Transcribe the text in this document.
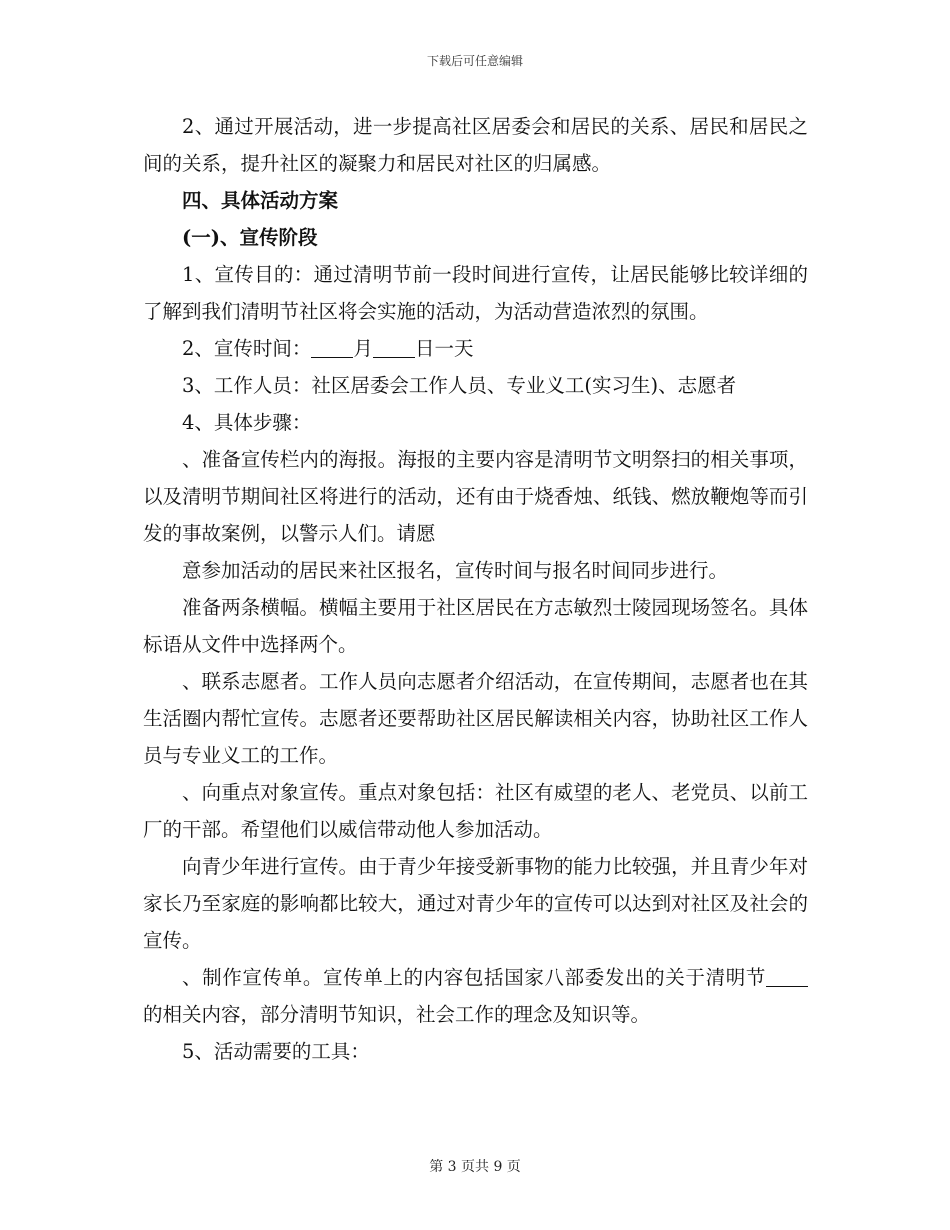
下载后可任意编辑

2、通过开展活动，进一步提高社区居委会和居民的关系、居民和居民之间的关系，提升社区的凝聚力和居民对社区的归属感。

四、具体活动方案

(一)、宣传阶段

1、宣传目的：通过清明节前一段时间进行宣传，让居民能够比较详细的了解到我们清明节社区将会实施的活动，为活动营造浓烈的氛围。

2、宣传时间： 月 日一天

3、工作人员：社区居委会工作人员、专业义工(实习生)、志愿者

4、具体步骤：

、准备宣传栏内的海报。海报的主要内容是清明节文明祭扫的相关事项，以及清明节期间社区将进行的活动，还有由于烧香烛、纸钱、燃放鞭炮等而引发的事故案例，以警示人们。请愿

意参加活动的居民来社区报名，宣传时间与报名时间同步进行。

准备两条横幅。横幅主要用于社区居民在方志敏烈士陵园现场签名。具体标语从文件中选择两个。

、联系志愿者。工作人员向志愿者介绍活动，在宣传期间，志愿者也在其生活圈内帮忙宣传。志愿者还要帮助社区居民解读相关内容，协助社区工作人员与专业义工的工作。

、向重点对象宣传。重点对象包括：社区有威望的老人、老党员、以前工厂的干部。希望他们以威信带动他人参加活动。

向青少年进行宣传。由于青少年接受新事物的能力比较强，并且青少年对家长乃至家庭的影响都比较大，通过对青少年的宣传可以达到对社区及社会的宣传。

、制作宣传单。宣传单上的内容包括国家八部委发出的关于清明节的相关内容，部分清明节知识，社会工作的理念及知识等。

5、活动需要的工具：

第 3 页共 9 页
